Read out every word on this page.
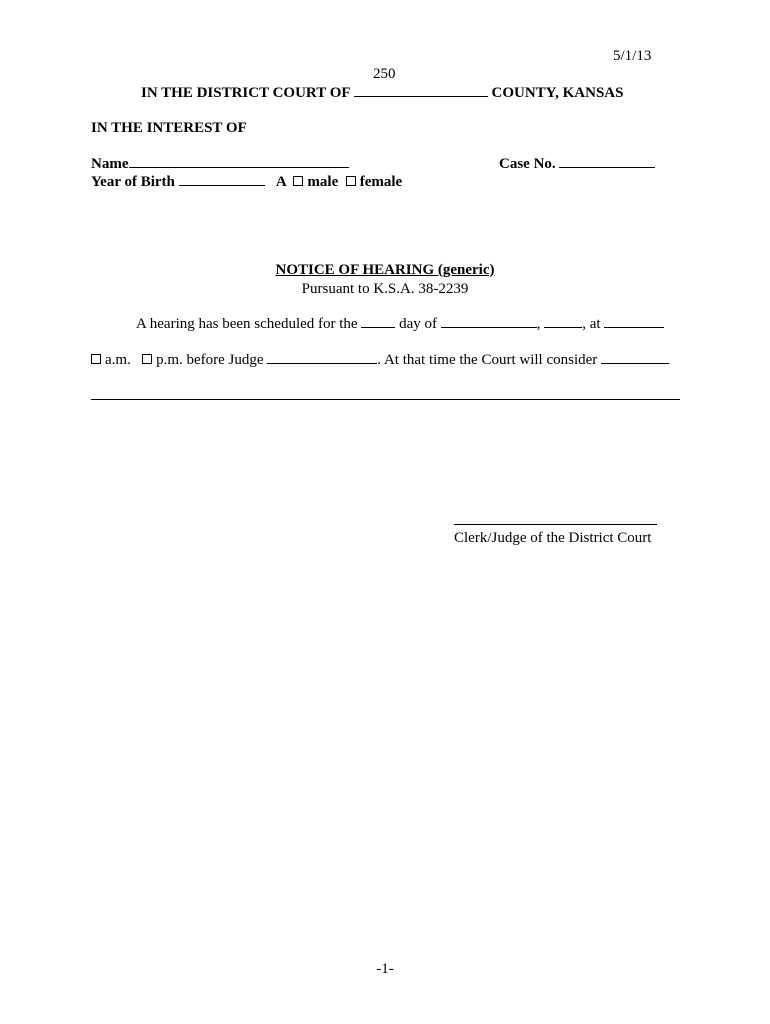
5/1/13
250
IN THE DISTRICT COURT OF	COUNTY, KANSAS
IN THE INTEREST OF
Name	Case No.
Year of Birth	A male female
NOTICE OF HEARING (generic)
Pursuant to K.S.A. 38-2239
A hearing has been scheduled for the	day of	,	, at
a.m. p.m. before Judge	. At that time the Court will consider
Clerk/Judge of the District Court
-1-
